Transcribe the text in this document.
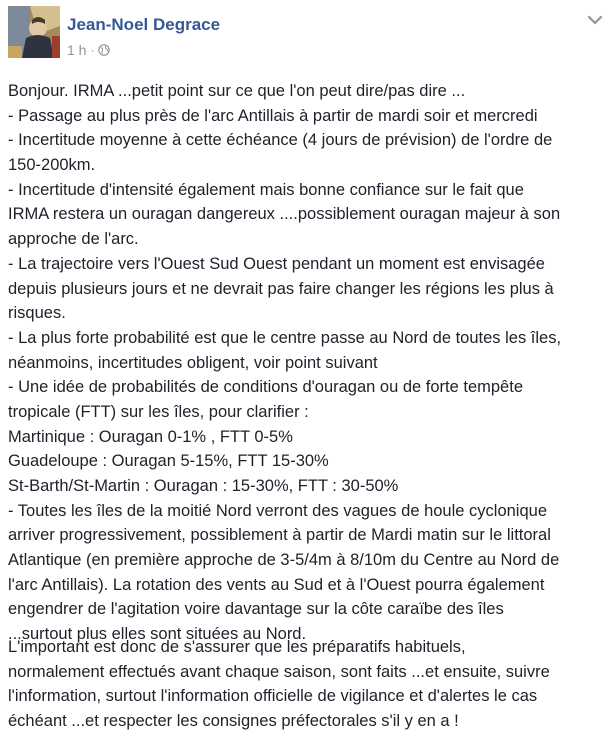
Jean-Noel Degrace
1 h ·
Bonjour. IRMA ...petit point sur ce que l'on peut dire/pas dire ...
- Passage au plus près de l'arc Antillais à partir de mardi soir et mercredi
- Incertitude moyenne à cette échéance (4 jours de prévision) de l'ordre de
150-200km.
- Incertitude d'intensité également mais bonne confiance sur le fait que
IRMA restera un ouragan dangereux ....possiblement ouragan majeur à son
approche de l'arc.
- La trajectoire vers l'Ouest Sud Ouest pendant un moment est envisagée
depuis plusieurs jours et ne devrait pas faire changer les régions les plus à
risques.
- La plus forte probabilité est que le centre passe au Nord de toutes les îles,
néanmoins, incertitudes obligent, voir point suivant
- Une idée de probabilités de conditions d'ouragan ou de forte tempête
tropicale (FTT) sur les îles, pour clarifier :
Martinique : Ouragan 0-1% , FTT 0-5%
Guadeloupe : Ouragan 5-15%, FTT 15-30%
St-Barth/St-Martin : Ouragan : 15-30%, FTT : 30-50%
- Toutes les îles de la moitié Nord verront des vagues de houle cyclonique
arriver progressivement, possiblement à partir de Mardi matin sur le littoral
Atlantique (en première approche de 3-5/4m à 8/10m du Centre au Nord de
l'arc Antillais). La rotation des vents au Sud et à l'Ouest pourra également
engendrer de l'agitation voire davantage sur la côte caraïbe des îles
...surtout plus elles sont situées au Nord.
L'important est donc de s'assurer que les préparatifs habituels,
normalement effectués avant chaque saison, sont faits ...et ensuite, suivre
l'information, surtout l'information officielle de vigilance et d'alertes le cas
échéant ...et respecter les consignes préfectorales s'il y en a !
